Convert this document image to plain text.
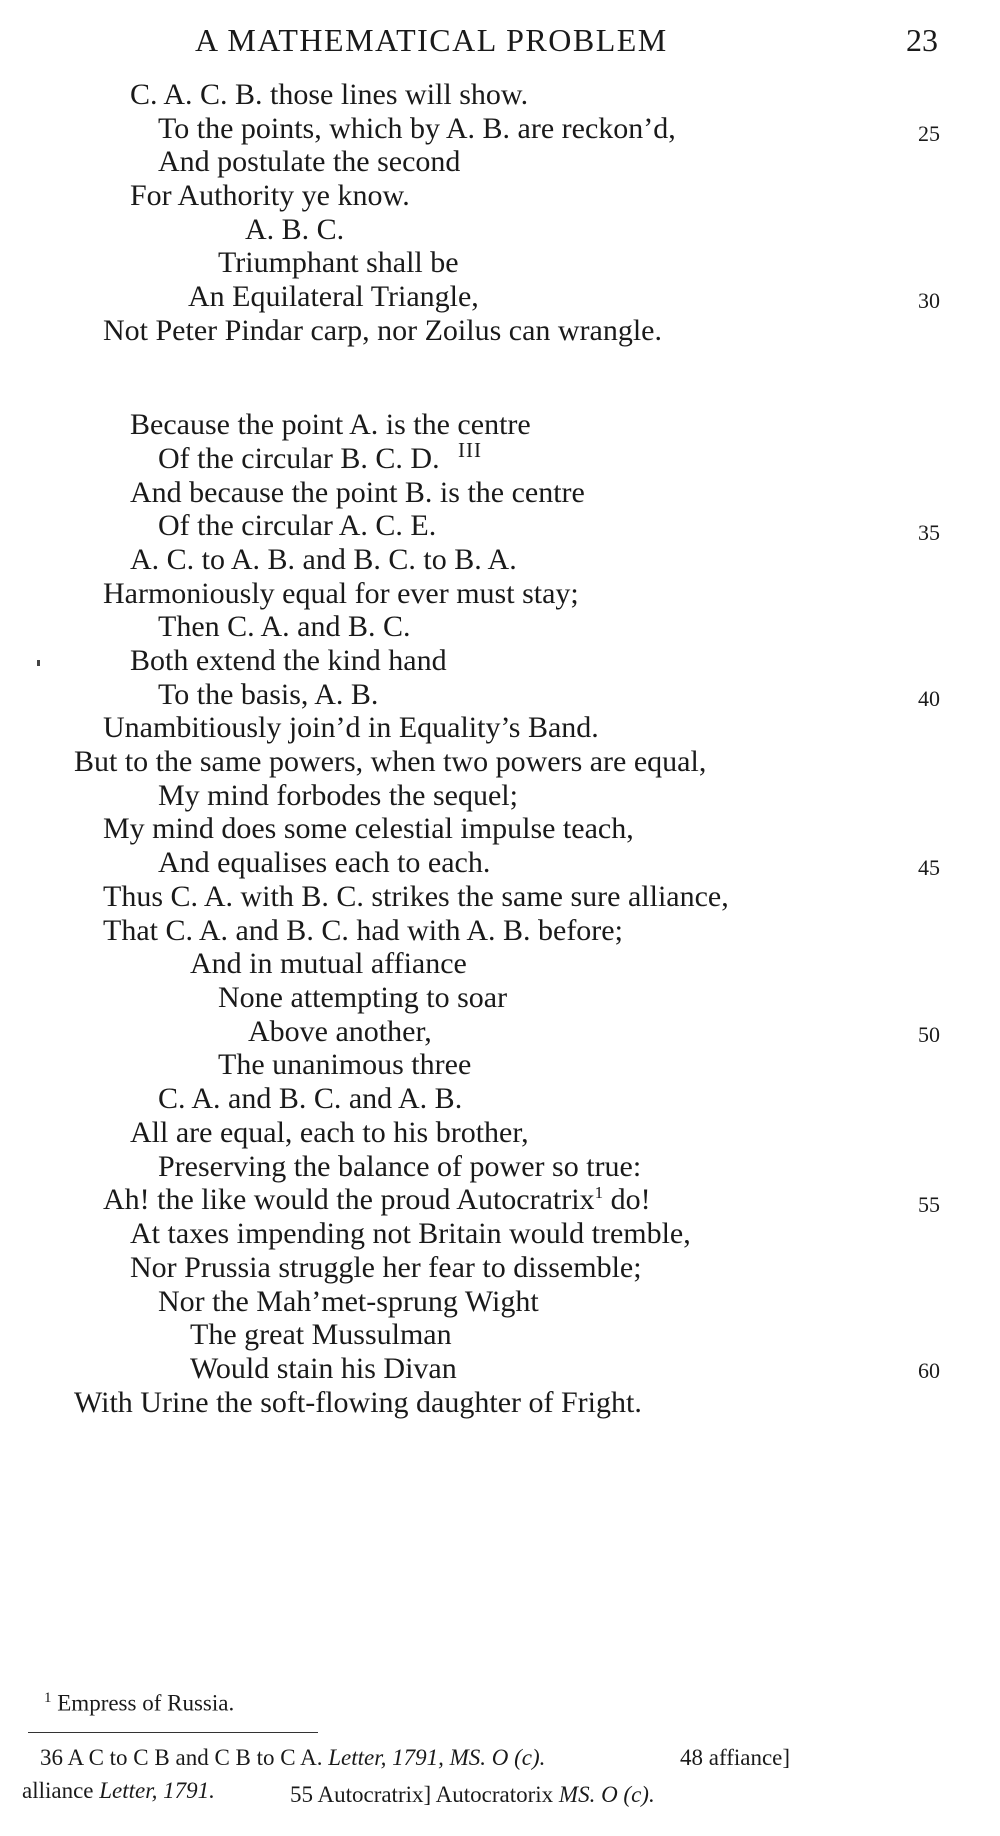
A MATHEMATICAL PROBLEM	23
C. A. C. B. those lines will show.
To the points, which by A. B. are reckon’d,	25
And postulate the second
For Authority ye know.
A. B. C.
Triumphant shall be
An Equilateral Triangle,	30
Not Peter Pindar carp, nor Zoilus can wrangle.
III
Because the point A. is the centre
Of the circular B. C. D.
And because the point B. is the centre
Of the circular A. C. E.	35
A. C. to A. B. and B. C. to B. A.
Harmoniously equal for ever must stay;
Then C. A. and B. C.
Both extend the kind hand
To the basis, A. B.	40
Unambitiously join’d in Equality’s Band.
But to the same powers, when two powers are equal,
My mind forbodes the sequel;
My mind does some celestial impulse teach,
And equalises each to each.	45
Thus C. A. with B. C. strikes the same sure alliance,
That C. A. and B. C. had with A. B. before;
And in mutual affiance
None attempting to soar
Above another,	50
The unanimous three
C. A. and B. C. and A. B.
All are equal, each to his brother,
Preserving the balance of power so true:
Ah! the like would the proud Autocratrix$^1$ do!	55
At taxes impending not Britain would tremble,
Nor Prussia struggle her fear to dissemble;
Nor the Mah’met-sprung Wight
The great Mussulman
Would stain his Divan	60
With Urine the soft-flowing daughter of Fright.
$^1$ Empress of Russia.
36 A C to C B and C B to C A. Letter, 1791, MS. O (c).	48 affiance]
alliance Letter, 1791.	55 Autocratrix] Autocratorix MS. O (c).
